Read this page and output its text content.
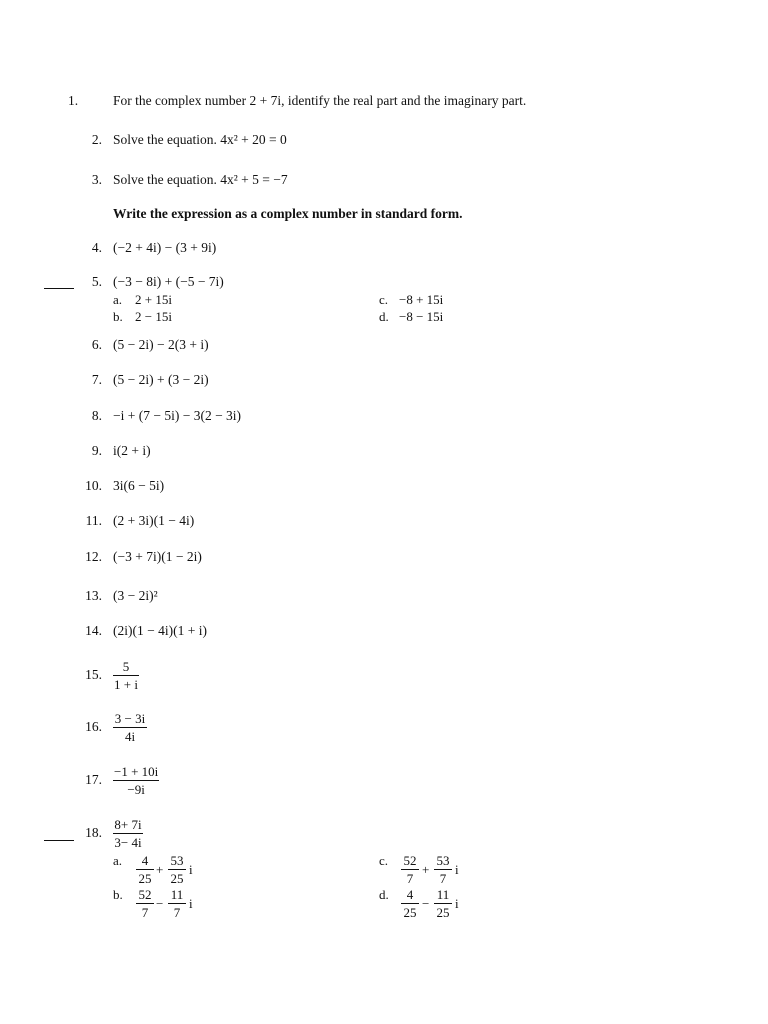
1.	For the complex number 2 + 7i, identify the real part and the imaginary part.
2. Solve the equation. 4x² + 20 = 0
3. Solve the equation. 4x² + 5 = −7
Write the expression as a complex number in standard form.
4. (−2 + 4i) − (3 + 9i)
5. (−3 − 8i) + (−5 − 7i)
a. 2 + 15i
b. 2 − 15i
c. −8 + 15i
d. −8 − 15i
6. (5 − 2i) − 2(3 + i)
7. (5 − 2i) + (3 − 2i)
8. −i + (7 − 5i) − 3(2 − 3i)
9. i(2 + i)
10. 3i(6 − 5i)
11. (2 + 3i)(1 − 4i)
12. (−3 + 7i)(1 − 2i)
13. (3 − 2i)²
14. (2i)(1 − 4i)(1 + i)
15. $\frac{5}{1 + i}$
16. $\frac{3 - 3i}{4i}$
17. $\frac{-1 + 10i}{-9i}$
18. $\frac{8+ 7i}{3- 4i}$
a. $\frac{4}{25} + \frac{53}{25}$ i
b. $\frac{52}{7} - \frac{11}{7}$ i
c. $\frac{52}{7} + \frac{53}{7}$ i
d. $\frac{4}{25} - \frac{11}{25}$ i
